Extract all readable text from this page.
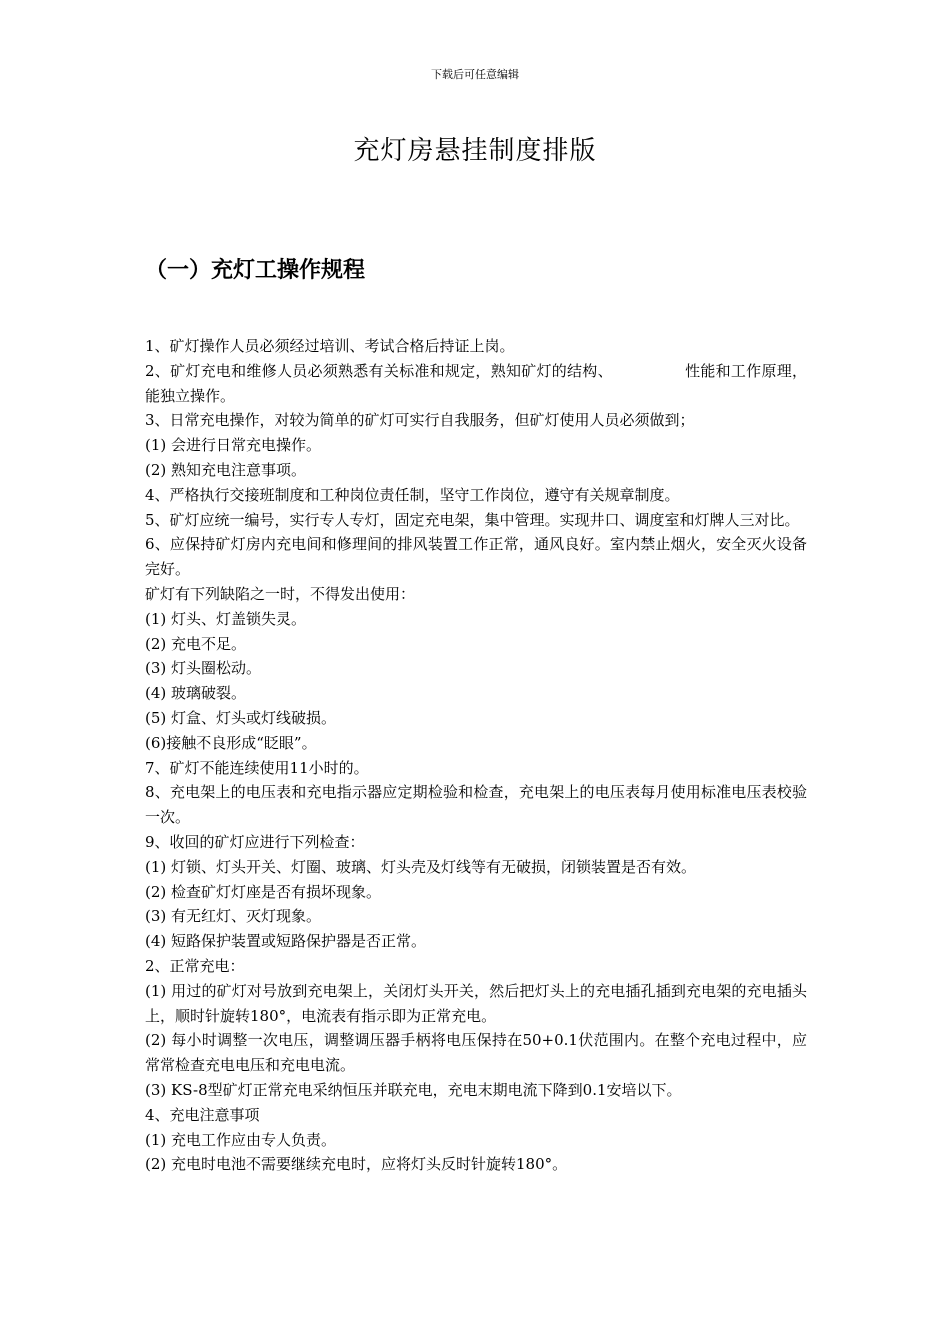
下载后可任意编辑
充灯房悬挂制度排版
（一）充灯工操作规程

1、矿灯操作人员必须经过培训、考试合格后持证上岗。

2、矿灯充电和维修人员必须熟悉有关标准和规定，熟知矿灯的结构、	性能和工作原理，能独立操作。

3、日常充电操作，对较为简单的矿灯可实行自我服务，但矿灯使用人员必须做到；

(1) 会进行日常充电操作。

(2) 熟知充电注意事项。

4、严格执行交接班制度和工种岗位责任制，坚守工作岗位，遵守有关规章制度。

5、矿灯应统一编号，实行专人专灯，固定充电架，集中管理。实现井口、调度室和灯牌人三对比。

6、应保持矿灯房内充电间和修理间的排风装置工作正常，通风良好。室内禁止烟火，安全灭火设备完好。

矿灯有下列缺陷之一时，不得发出使用：

(1) 灯头、灯盖锁失灵。

(2) 充电不足。

(3) 灯头圈松动。

(4) 玻璃破裂。

(5) 灯盒、灯头或灯线破损。

(6)接触不良形成“眨眼”。

7、矿灯不能连续使用11小时的。

8、充电架上的电压表和充电指示器应定期检验和检查，充电架上的电压表每月使用标准电压表校验一次。

9、收回的矿灯应进行下列检查：

(1) 灯锁、灯头开关、灯圈、玻璃、灯头壳及灯线等有无破损，闭锁装置是否有效。

(2) 检查矿灯灯座是否有损坏现象。

(3) 有无红灯、灭灯现象。

(4) 短路保护装置或短路保护器是否正常。

2、正常充电：

(1) 用过的矿灯对号放到充电架上，关闭灯头开关，然后把灯头上的充电插孔插到充电架的充电插头上，顺时针旋转180°，电流表有指示即为正常充电。

(2) 每小时调整一次电压，调整调压器手柄将电压保持在50+0.1伏范围内。在整个充电过程中，应常常检查充电电压和充电电流。

(3) KS-8型矿灯正常充电采纳恒压并联充电，充电末期电流下降到0.1安培以下。

4、充电注意事项

(1) 充电工作应由专人负责。

(2) 充电时电池不需要继续充电时，应将灯头反时针旋转180°。
